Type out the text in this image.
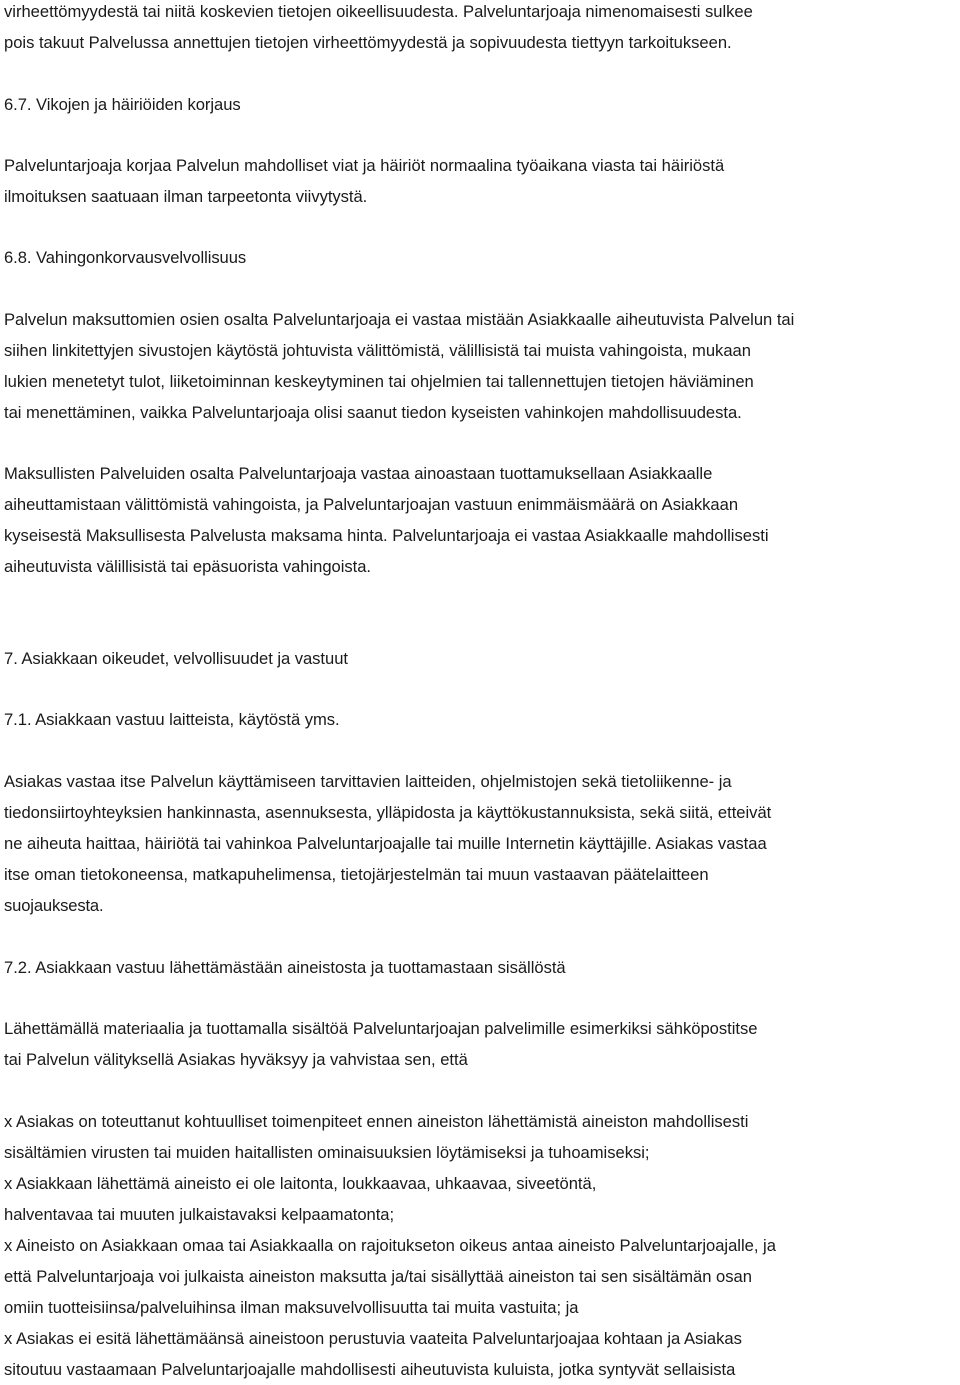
virheettömyydestä tai niitä koskevien tietojen oikeellisuudesta. Palveluntarjoaja nimenomaisesti sulkee
pois takuut Palvelussa annettujen tietojen virheettömyydestä ja sopivuudesta tiettyyn tarkoitukseen.
6.7. Vikojen ja häiriöiden korjaus
Palveluntarjoaja korjaa Palvelun mahdolliset viat ja häiriöt normaalina työaikana viasta tai häiriöstä
ilmoituksen saatuaan ilman tarpeetonta viivytystä.
6.8. Vahingonkorvausvelvollisuus
Palvelun maksuttomien osien osalta Palveluntarjoaja ei vastaa mistään Asiakkaalle aiheutuvista Palvelun tai
siihen linkitettyjen sivustojen käytöstä johtuvista välittömistä, välillisistä tai muista vahingoista, mukaan
lukien menetetyt tulot, liiketoiminnan keskeytyminen tai ohjelmien tai tallennettujen tietojen häviäminen
tai menettäminen, vaikka Palveluntarjoaja olisi saanut tiedon kyseisten vahinkojen mahdollisuudesta.
Maksullisten Palveluiden osalta Palveluntarjoaja vastaa ainoastaan tuottamuksellaan Asiakkaalle
aiheuttamistaan välittömistä vahingoista, ja Palveluntarjoajan vastuun enimmäismäärä on Asiakkaan
kyseisestä Maksullisesta Palvelusta maksama hinta. Palveluntarjoaja ei vastaa Asiakkaalle mahdollisesti
aiheutuvista välillisistä tai epäsuorista vahingoista.
7. Asiakkaan oikeudet, velvollisuudet ja vastuut
7.1. Asiakkaan vastuu laitteista, käytöstä yms.
Asiakas vastaa itse Palvelun käyttämiseen tarvittavien laitteiden, ohjelmistojen sekä tietoliikenne- ja
tiedonsiirtoyhteyksien hankinnasta, asennuksesta, ylläpidosta ja käyttökustannuksista, sekä siitä, etteivät
ne aiheuta haittaa, häiriötä tai vahinkoa Palveluntarjoajalle tai muille Internetin käyttäjille. Asiakas vastaa
itse oman tietokoneensa, matkapuhelimensa, tietojärjestelmän tai muun vastaavan päätelaitteen
suojauksesta.
7.2. Asiakkaan vastuu lähettämästään aineistosta ja tuottamastaan sisällöstä
Lähettämällä materiaalia ja tuottamalla sisältöä Palveluntarjoajan palvelimille esimerkiksi sähköpostitse
tai Palvelun välityksellä Asiakas hyväksyy ja vahvistaa sen, että
x Asiakas on toteuttanut kohtuulliset toimenpiteet ennen aineiston lähettämistä aineiston mahdollisesti
sisältämien virusten tai muiden haitallisten ominaisuuksien löytämiseksi ja tuhoamiseksi;
x Asiakkaan lähettämä aineisto ei ole laitonta, loukkaavaa, uhkaavaa, siveetöntä,
halventavaa tai muuten julkaistavaksi kelpaamatonta;
x Aineisto on Asiakkaan omaa tai Asiakkaalla on rajoitukseton oikeus antaa aineisto Palveluntarjoajalle, ja
että Palveluntarjoaja voi julkaista aineiston maksutta ja/tai sisällyttää aineiston tai sen sisältämän osan
omiin tuotteisiinsa/palveluihinsa ilman maksuvelvollisuutta tai muita vastuita; ja
x Asiakas ei esitä lähettämäänsä aineistoon perustuvia vaateita Palveluntarjoajaa kohtaan ja Asiakas
sitoutuu vastaamaan Palveluntarjoajalle mahdollisesti aiheutuvista kuluista, jotka syntyvät sellaisista
